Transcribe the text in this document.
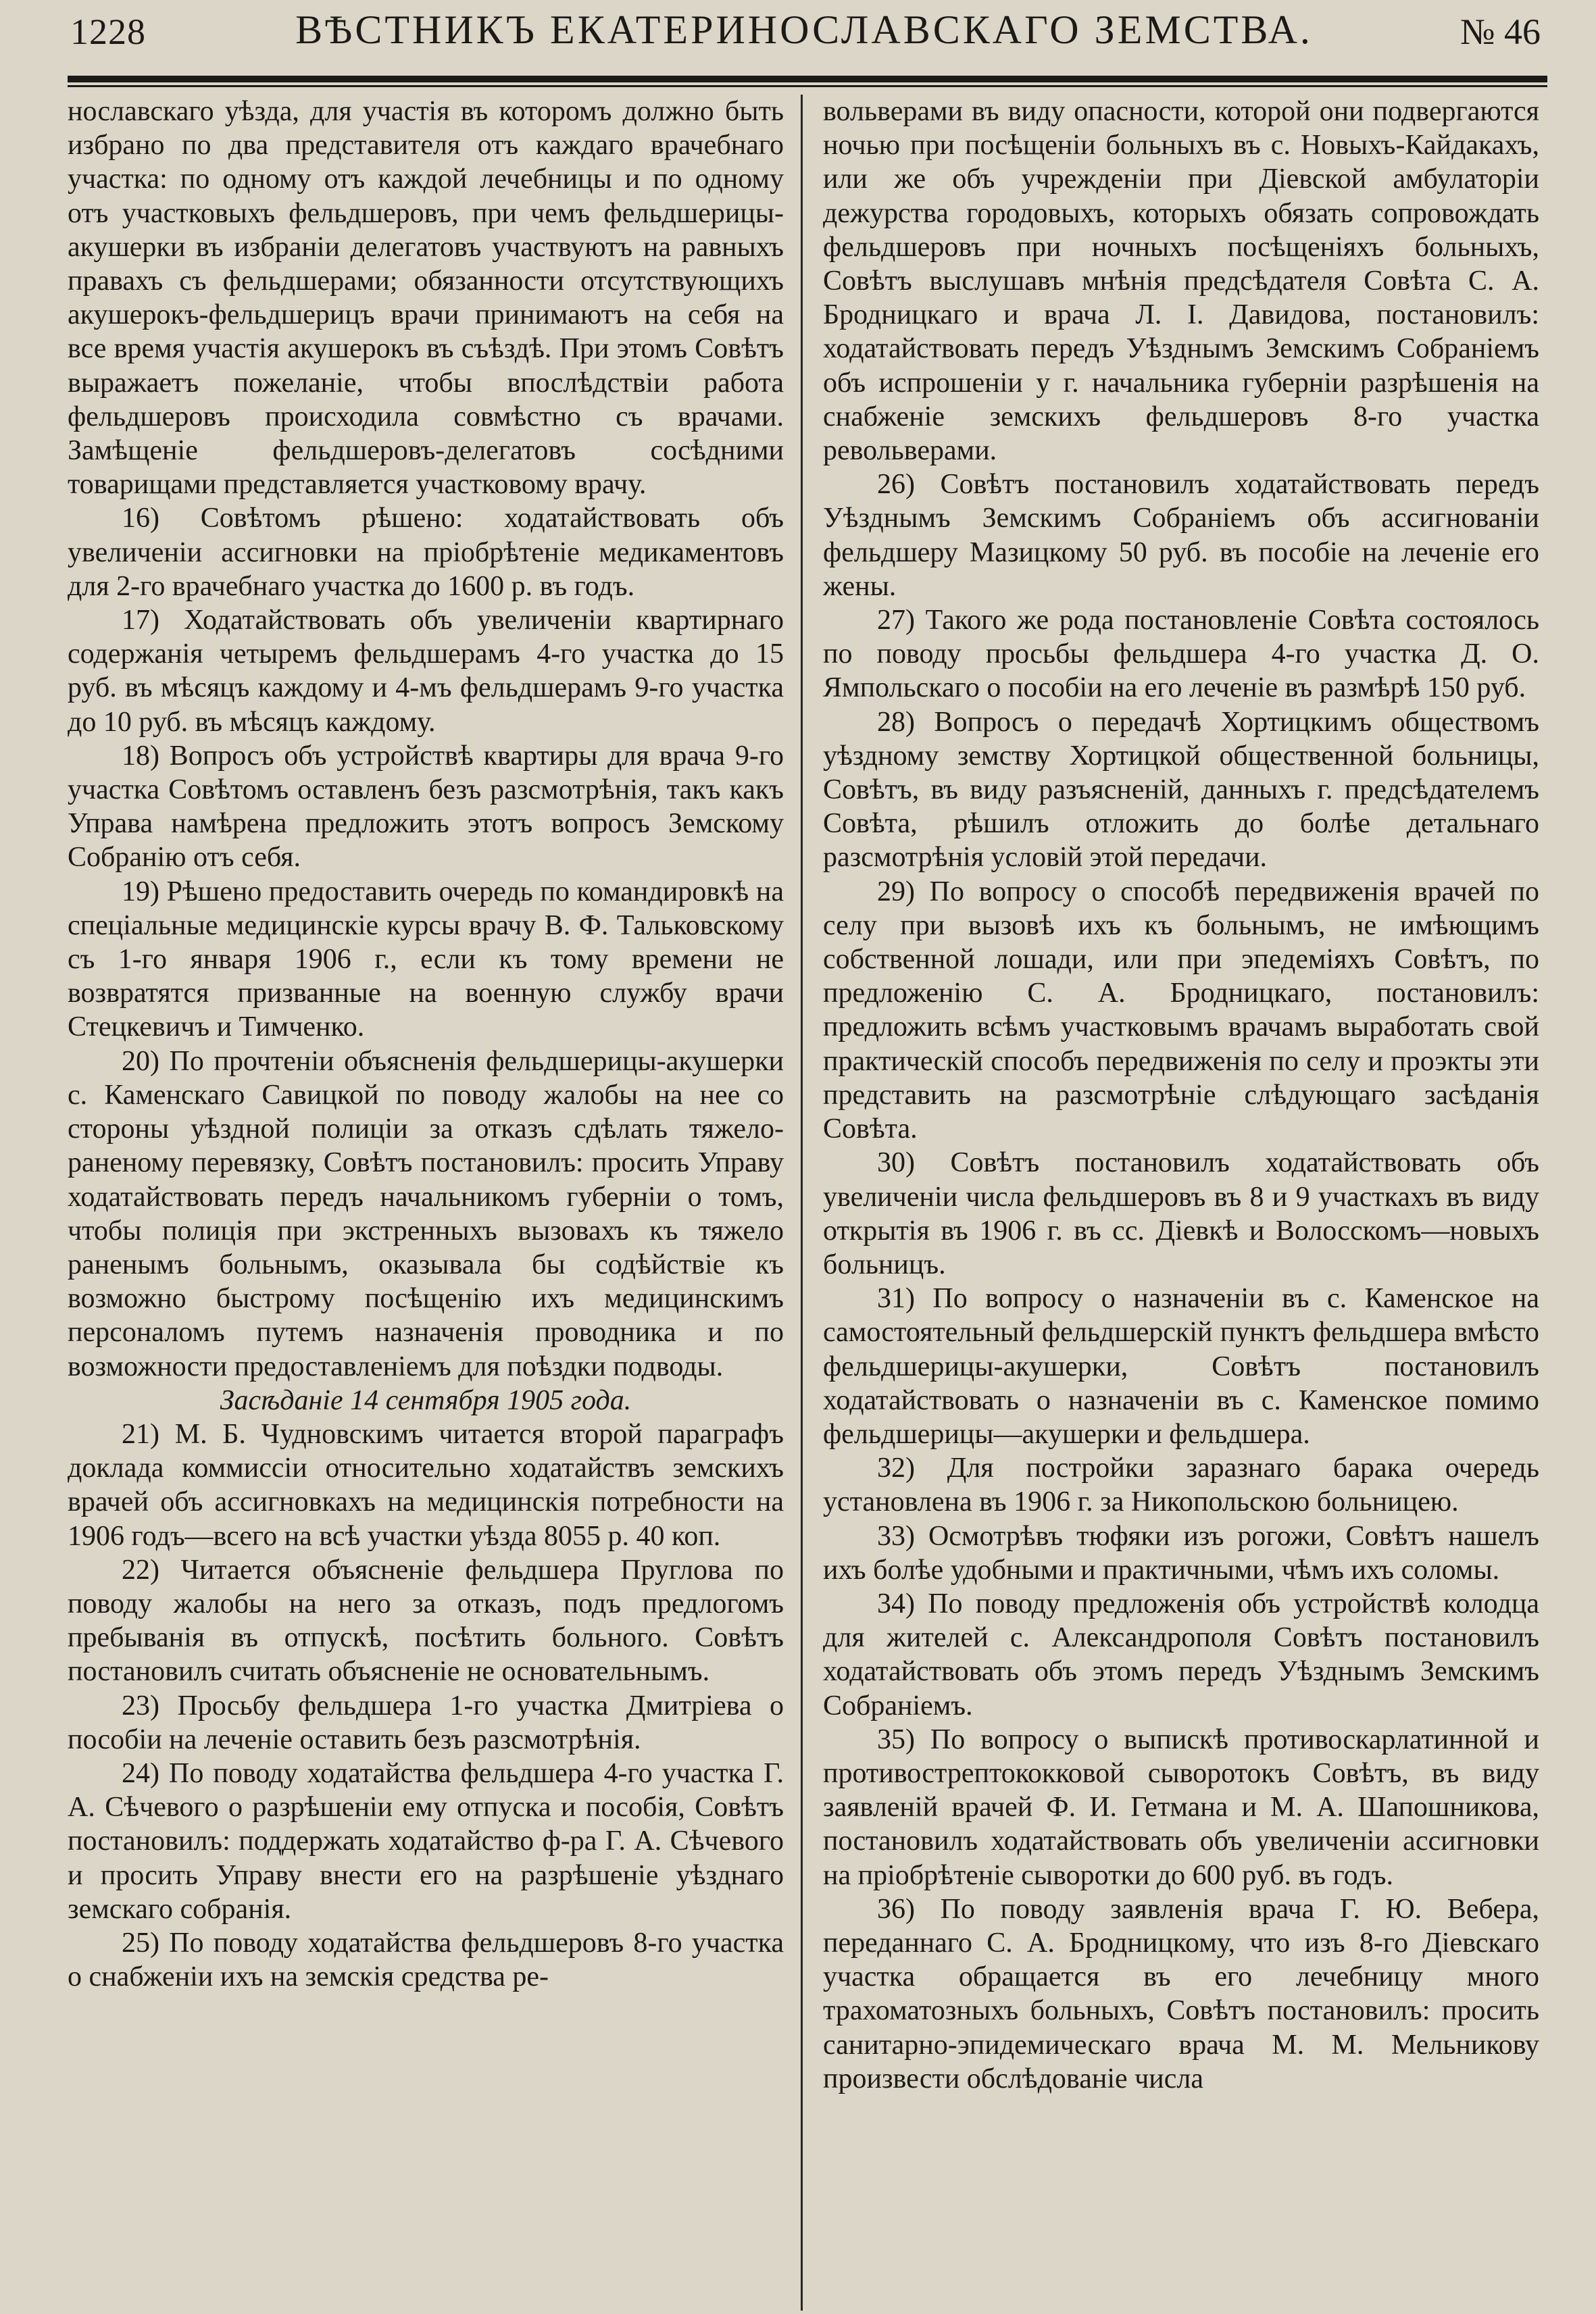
1228	ВѢСТНИКЪ ЕКАТЕРИНОСЛАВСКАГО ЗЕМСТВА.	№ 46

нославскаго уѣзда, для участія въ которомъ должно быть избрано по два представителя отъ каждаго врачебнаго участка: по одному отъ каждой лечебницы и по одному отъ участковыхъ фельдшеровъ, при чемъ фельдшерицы-акушерки въ избраніи делегатовъ участвуютъ на равныхъ правахъ съ фельдшерами; обязанности отсутствующихъ акушерокъ-фельдшерицъ врачи принимаютъ на себя на все время участія акушерокъ въ съѣздѣ. При этомъ Совѣтъ выражаетъ пожеланіе, чтобы впослѣдствіи работа фельдшеровъ происходила совмѣстно съ врачами. Замѣщеніе фельдшеровъ-делегатовъ сосѣдними товарищами представляется участковому врачу.

16) Совѣтомъ рѣшено: ходатайствовать объ увеличеніи ассигновки на пріобрѣтеніе медикаментовъ для 2-го врачебнаго участка до 1600 р. въ годъ.

17) Ходатайствовать объ увеличеніи квартирнаго содержанія четыремъ фельдшерамъ 4-го участка до 15 руб. въ мѣсяцъ каждому и 4-мъ фельдшерамъ 9-го участка до 10 руб. въ мѣсяцъ каждому.

18) Вопросъ объ устройствѣ квартиры для врача 9-го участка Совѣтомъ оставленъ безъ разсмотрѣнія, такъ какъ Управа намѣрена предложить этотъ вопросъ Земскому Собранію отъ себя.

19) Рѣшено предоставить очередь по командировкѣ на спеціальные медицинскіе курсы врачу В. Ф. Тальковскому съ 1-го января 1906 г., если къ тому времени не возвратятся призванные на военную службу врачи Стецкевичъ и Тимченко.

20) По прочтеніи объясненія фельдшерицы-акушерки с. Каменскаго Савицкой по поводу жалобы на нее со стороны уѣздной полиціи за отказъ сдѣлать тяжело-раненому перевязку, Совѣтъ постановилъ: просить Управу ходатайствовать передъ начальникомъ губерніи о томъ, чтобы полиція при экстренныхъ вызовахъ къ тяжело раненымъ больнымъ, оказывала бы содѣйствіе къ возможно быстрому посѣщенію ихъ медицинскимъ персоналомъ путемъ назначенія проводника и по возможности предоставленіемъ для поѣздки подводы.

Засѣданіе 14 сентября 1905 года.

21) М. Б. Чудновскимъ читается второй параграфъ доклада коммиссіи относительно ходатайствъ земскихъ врачей объ ассигновкахъ на медицинскія потребности на 1906 годъ—всего на всѣ участки уѣзда 8055 р. 40 коп.

22) Читается объясненіе фельдшера Пруглова по поводу жалобы на него за отказъ, подъ предлогомъ пребыванія въ отпускѣ, посѣтить больного. Совѣтъ постановилъ считать объясненіе не основательнымъ.

23) Просьбу фельдшера 1-го участка Дмитріева о пособіи на леченіе оставить безъ разсмотрѣнія.

24) По поводу ходатайства фельдшера 4-го участка Г. А. Сѣчевого о разрѣшеніи ему отпуска и пособія, Совѣтъ постановилъ: поддержать ходатайство ф-ра Г. А. Сѣчевого и просить Управу внести его на разрѣшеніе уѣзднаго земскаго собранія.

25) По поводу ходатайства фельдшеровъ 8-го участка о снабженіи ихъ на земскія средства ре-

вольверами въ виду опасности, которой они подвергаются ночью при посѣщеніи больныхъ въ с. Новыхъ-Кайдакахъ, или же объ учрежденіи при Діевской амбулаторіи дежурства городовыхъ, которыхъ обязать сопровождать фельдшеровъ при ночныхъ посѣщеніяхъ больныхъ, Совѣтъ выслушавъ мнѣнія предсѣдателя Совѣта С. А. Бродницкаго и врача Л. І. Давидова, постановилъ: ходатайствовать передъ Уѣзднымъ Земскимъ Собраніемъ объ испрошеніи у г. начальника губерніи разрѣшенія на снабженіе земскихъ фельдшеровъ 8-го участка револьверами.

26) Совѣтъ постановилъ ходатайствовать передъ Уѣзднымъ Земскимъ Собраніемъ объ ассигнованіи фельдшеру Мазицкому 50 руб. въ пособіе на леченіе его жены.

27) Такого же рода постановленіе Совѣта состоялось по поводу просьбы фельдшера 4-го участка Д. О. Ямпольскаго о пособіи на его леченіе въ размѣрѣ 150 руб.

28) Вопросъ о передачѣ Хортицкимъ обществомъ уѣздному земству Хортицкой общественной больницы, Совѣтъ, въ виду разъясненій, данныхъ г. предсѣдателемъ Совѣта, рѣшилъ отложить до болѣе детальнаго разсмотрѣнія условій этой передачи.

29) По вопросу о способѣ передвиженія врачей по селу при вызовѣ ихъ къ больнымъ, не имѣющимъ собственной лошади, или при эпедеміяхъ Совѣтъ, по предложенію С. А. Бродницкаго, постановилъ: предложить всѣмъ участковымъ врачамъ выработать свой практическій способъ передвиженія по селу и проэкты эти представить на разсмотрѣніе слѣдующаго засѣданія Совѣта.

30) Совѣтъ постановилъ ходатайствовать объ увеличеніи числа фельдшеровъ въ 8 и 9 участкахъ въ виду открытія въ 1906 г. въ сс. Діевкѣ и Волосскомъ—новыхъ больницъ.

31) По вопросу о назначеніи въ с. Каменское на самостоятельный фельдшерскій пунктъ фельдшера вмѣсто фельдшерицы-акушерки, Совѣтъ постановилъ ходатайствовать о назначеніи въ с. Каменское помимо фельдшерицы—акушерки и фельдшера.

32) Для постройки заразнаго барака очередь установлена въ 1906 г. за Никопольскою больницею.

33) Осмотрѣвъ тюфяки изъ рогожи, Совѣтъ нашелъ ихъ болѣе удобными и практичными, чѣмъ ихъ соломы.

34) По поводу предложенія объ устройствѣ колодца для жителей с. Александрополя Совѣтъ постановилъ ходатайствовать объ этомъ передъ Уѣзднымъ Земскимъ Собраніемъ.

35) По вопросу о выпискѣ противоскарлатинной и противострептококковой сыворотокъ Совѣтъ, въ виду заявленій врачей Ф. И. Гетмана и М. А. Шапошникова, постановилъ ходатайствовать объ увеличеніи ассигновки на пріобрѣтеніе сыворотки до 600 руб. въ годъ.

36) По поводу заявленія врача Г. Ю. Вебера, переданнаго С. А. Бродницкому, что изъ 8-го Діевскаго участка обращается въ его лечебницу много трахоматозныхъ больныхъ, Совѣтъ постановилъ: просить санитарно-эпидемическаго врача М. М. Мельникову произвести обслѣдованіе числа
